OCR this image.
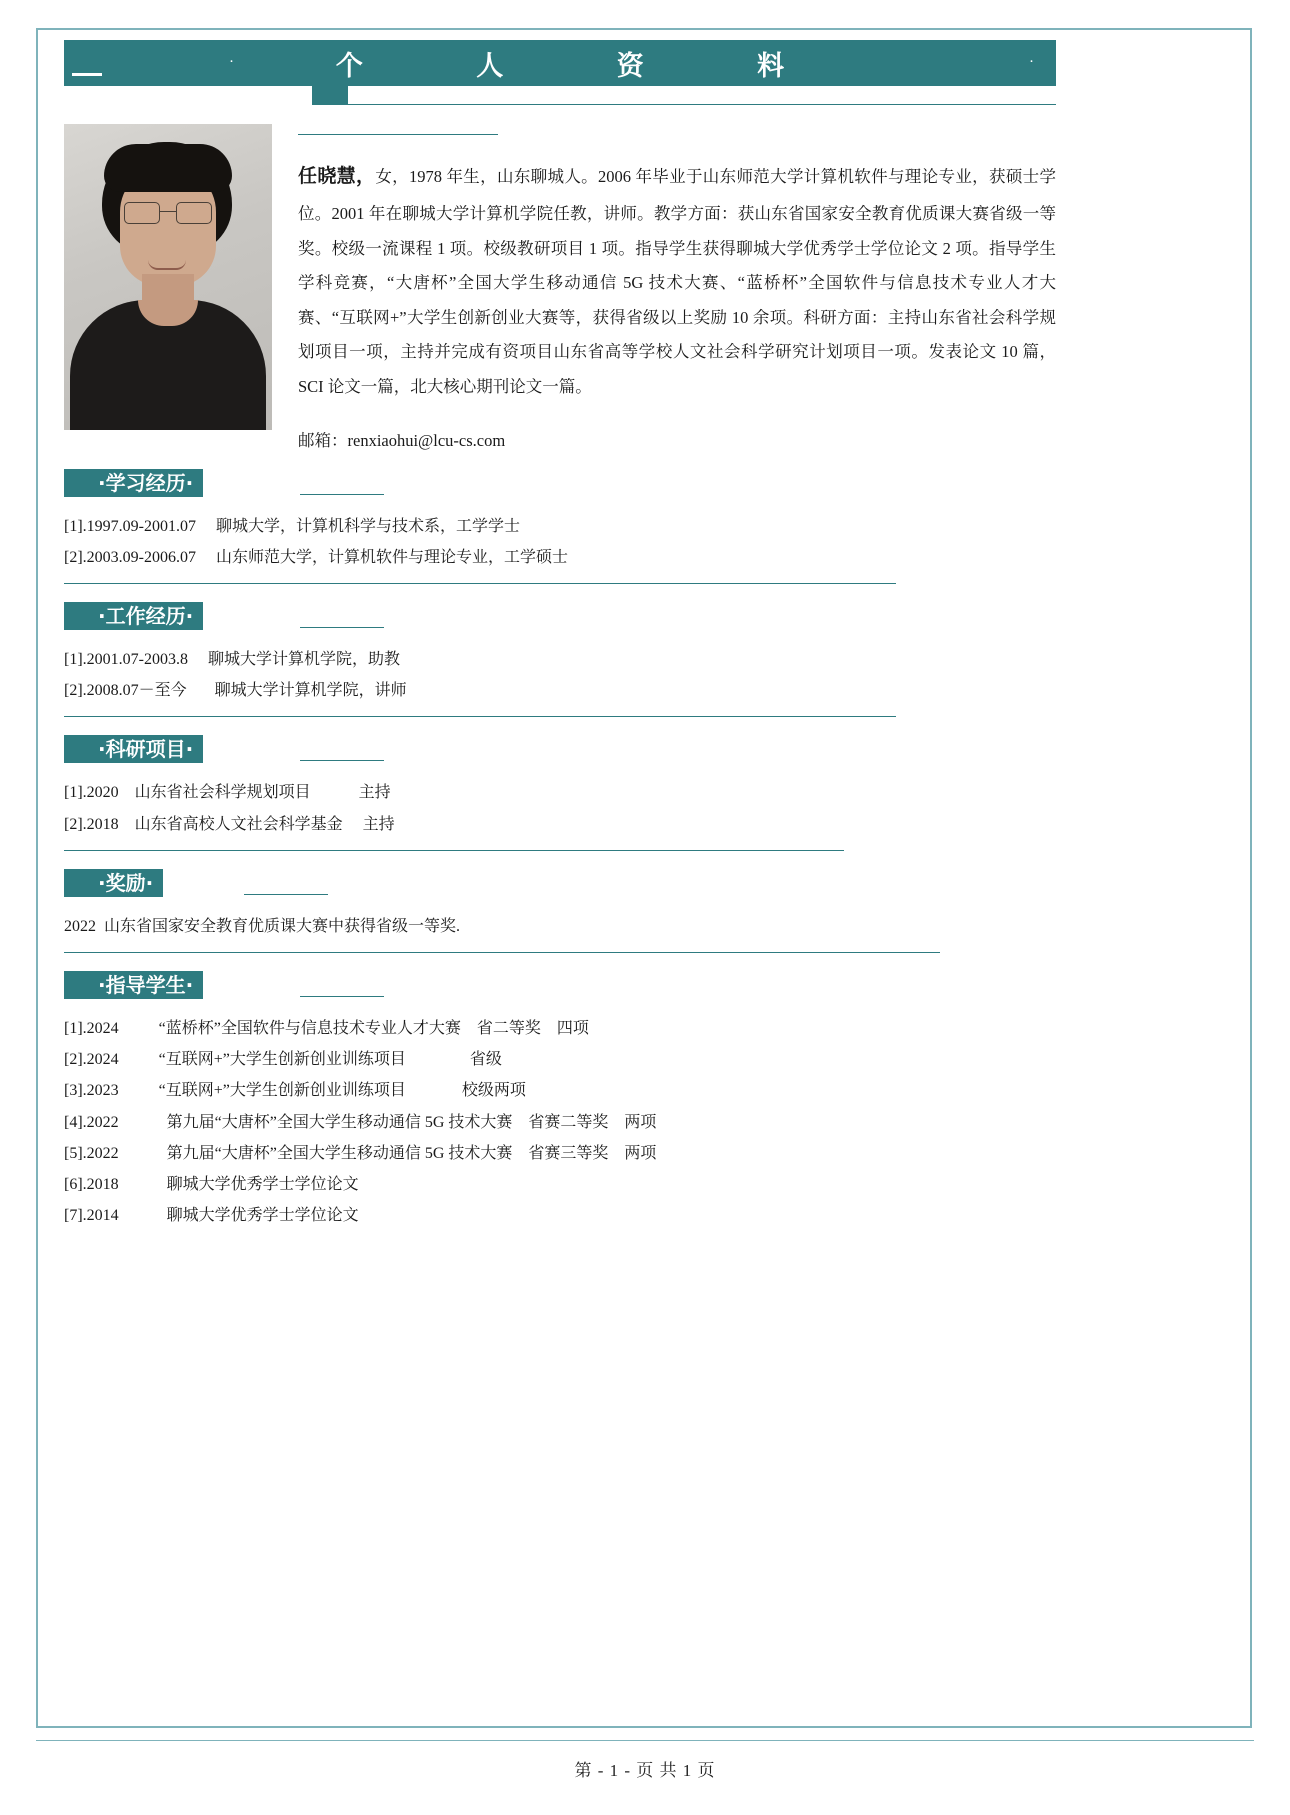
·	个 人 资 料	·

任晓慧，女，1978 年生，山东聊城人。2006 年毕业于山东师范大学计算机软件与理论专业，获硕士学位。2001 年在聊城大学计算机学院任教，讲师。教学方面：获山东省国家安全教育优质课大赛省级一等奖。校级一流课程 1 项。校级教研项目 1 项。指导学生获得聊城大学优秀学士学位论文 2 项。指导学生学科竞赛，“大唐杯”全国大学生移动通信 5G 技术大赛、“蓝桥杯”全国软件与信息技术专业人才大赛、“互联网+”大学生创新创业大赛等，获得省级以上奖励 10 余项。科研方面：主持山东省社会科学规划项目一项，主持并完成有资项目山东省高等学校人文社会科学研究计划项目一项。发表论文 10 篇，SCI 论文一篇，北大核心期刊论文一篇。

邮箱：renxiaohui@lcu-cs.com
·学习经历·
[1].1997.09-2001.07     聊城大学，计算机科学与技术系，工学学士
[2].2003.09-2006.07     山东师范大学，计算机软件与理论专业，工学硕士
·工作经历·
[1].2001.07-2003.8     聊城大学计算机学院，助教
[2].2008.07－至今       聊城大学计算机学院，讲师
·科研项目·
[1].2020    山东省社会科学规划项目            主持
[2].2018    山东省高校人文社会科学基金     主持
·奖励·
2022  山东省国家安全教育优质课大赛中获得省级一等奖.
·指导学生·
[1].2024          “蓝桥杯”全国软件与信息技术专业人才大赛    省二等奖    四项
[2].2024          “互联网+”大学生创新创业训练项目                省级
[3].2023          “互联网+”大学生创新创业训练项目              校级两项
[4].2022            第九届“大唐杯”全国大学生移动通信 5G 技术大赛    省赛二等奖    两项
[5].2022            第九届“大唐杯”全国大学生移动通信 5G 技术大赛    省赛三等奖    两项
[6].2018            聊城大学优秀学士学位论文
[7].2014            聊城大学优秀学士学位论文
第 - 1 - 页 共 1 页
